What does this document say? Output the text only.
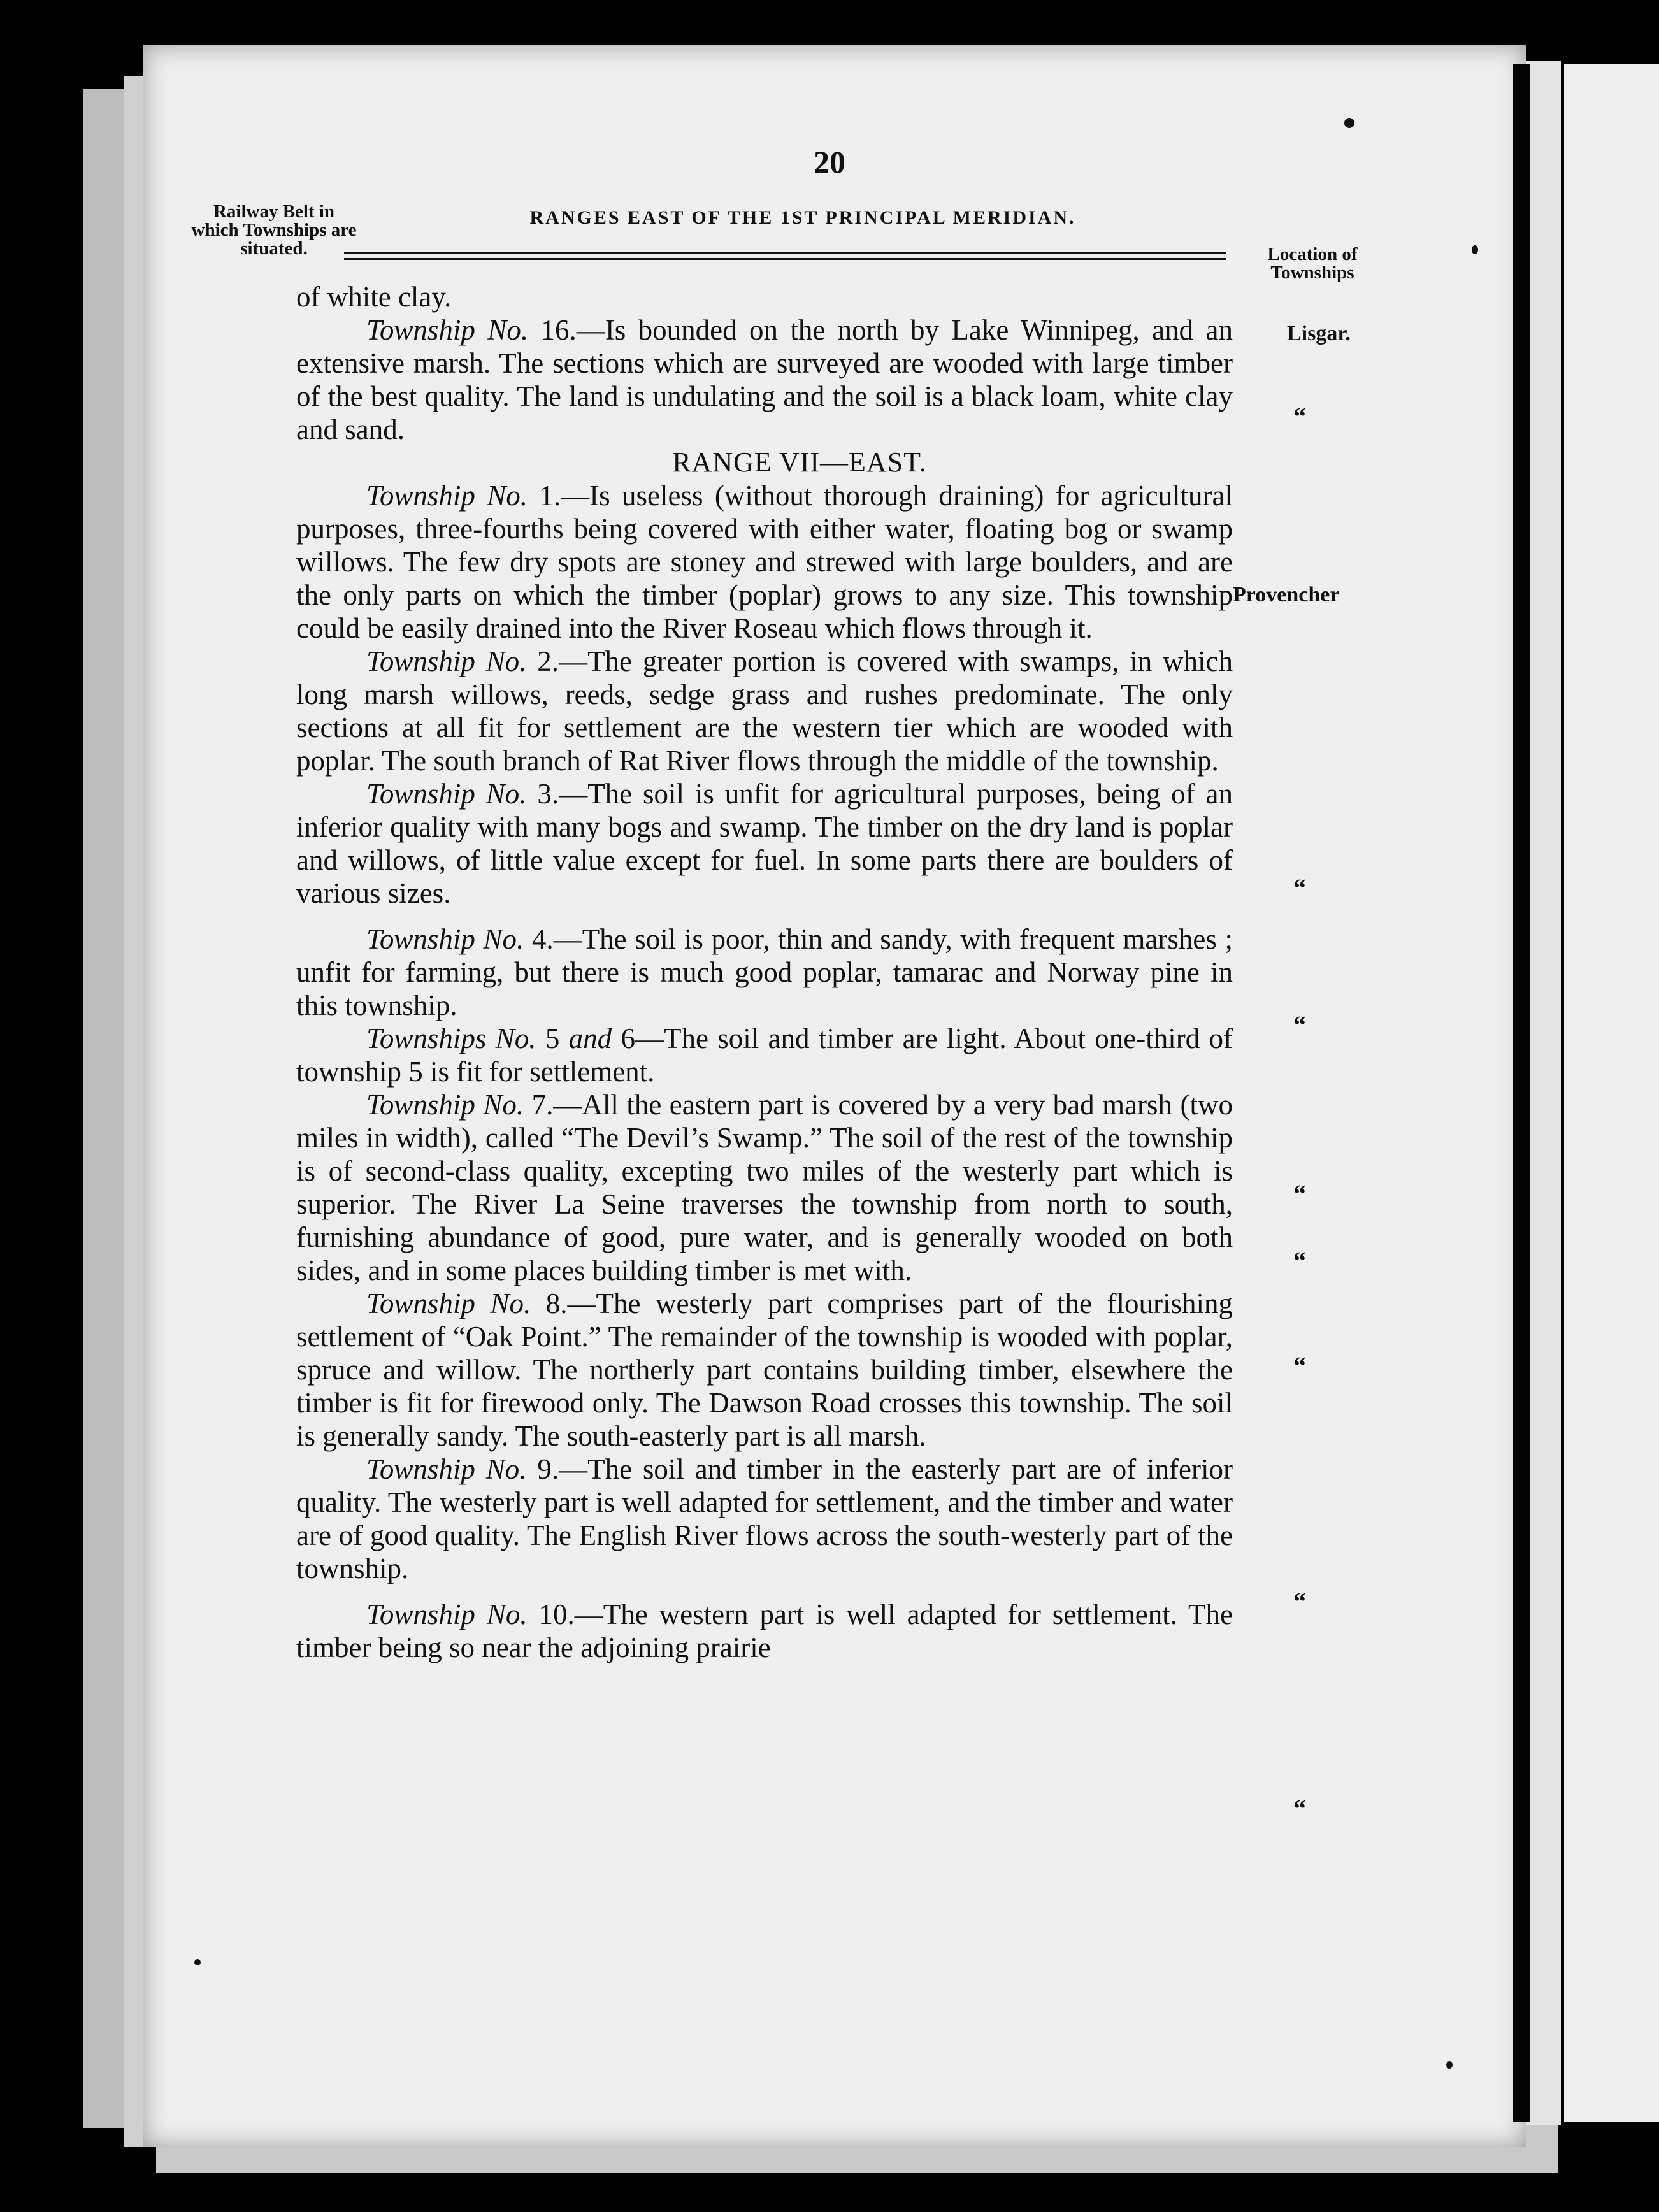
20
Railway Belt in which Townships are situated.
RANGES EAST OF THE 1ST PRINCIPAL MERIDIAN.
Location of Townships
Lisgar.
“
Provencher
“
“
“
“
“
“
“

of white clay.

Township No. 16.—Is bounded on the north by Lake Winnipeg, and an extensive marsh. The sections which are surveyed are wooded with large timber of the best quality. The land is undulating and the soil is a black loam, white clay and sand.

RANGE VII—EAST.

Township No. 1.—Is useless (without thorough draining) for agricultural purposes, three-fourths being covered with either water, floating bog or swamp willows. The few dry spots are stoney and strewed with large boulders, and are the only parts on which the timber (poplar) grows to any size. This township could be easily drained into the River Roseau which flows through it.

Township No. 2.—The greater portion is covered with swamps, in which long marsh willows, reeds, sedge grass and rushes predominate. The only sections at all fit for settlement are the western tier which are wooded with poplar. The south branch of Rat River flows through the middle of the township.

Township No. 3.—The soil is unfit for agricultural purposes, being of an inferior quality with many bogs and swamp. The timber on the dry land is poplar and willows, of little value except for fuel. In some parts there are boulders of various sizes.

Township No. 4.—The soil is poor, thin and sandy, with frequent marshes ; unfit for farming, but there is much good poplar, tamarac and Norway pine in this township.

Townships No. 5 and 6—The soil and timber are light. About one-third of township 5 is fit for settlement.

Township No. 7.—All the eastern part is covered by a very bad marsh (two miles in width), called “The Devil’s Swamp.” The soil of the rest of the township is of second-class quality, excepting two miles of the westerly part which is superior. The River La Seine traverses the township from north to south, furnishing abundance of good, pure water, and is generally wooded on both sides, and in some places building timber is met with.

Township No. 8.—The westerly part comprises part of the flourishing settlement of “Oak Point.” The remainder of the township is wooded with poplar, spruce and willow. The northerly part contains building timber, elsewhere the timber is fit for firewood only. The Dawson Road crosses this township. The soil is generally sandy. The south-easterly part is all marsh.

Township No. 9.—The soil and timber in the easterly part are of inferior quality. The westerly part is well adapted for settlement, and the timber and water are of good quality. The English River flows across the south-westerly part of the township.

Township No. 10.—The western part is well adapted for settlement. The timber being so near the adjoining prairie
